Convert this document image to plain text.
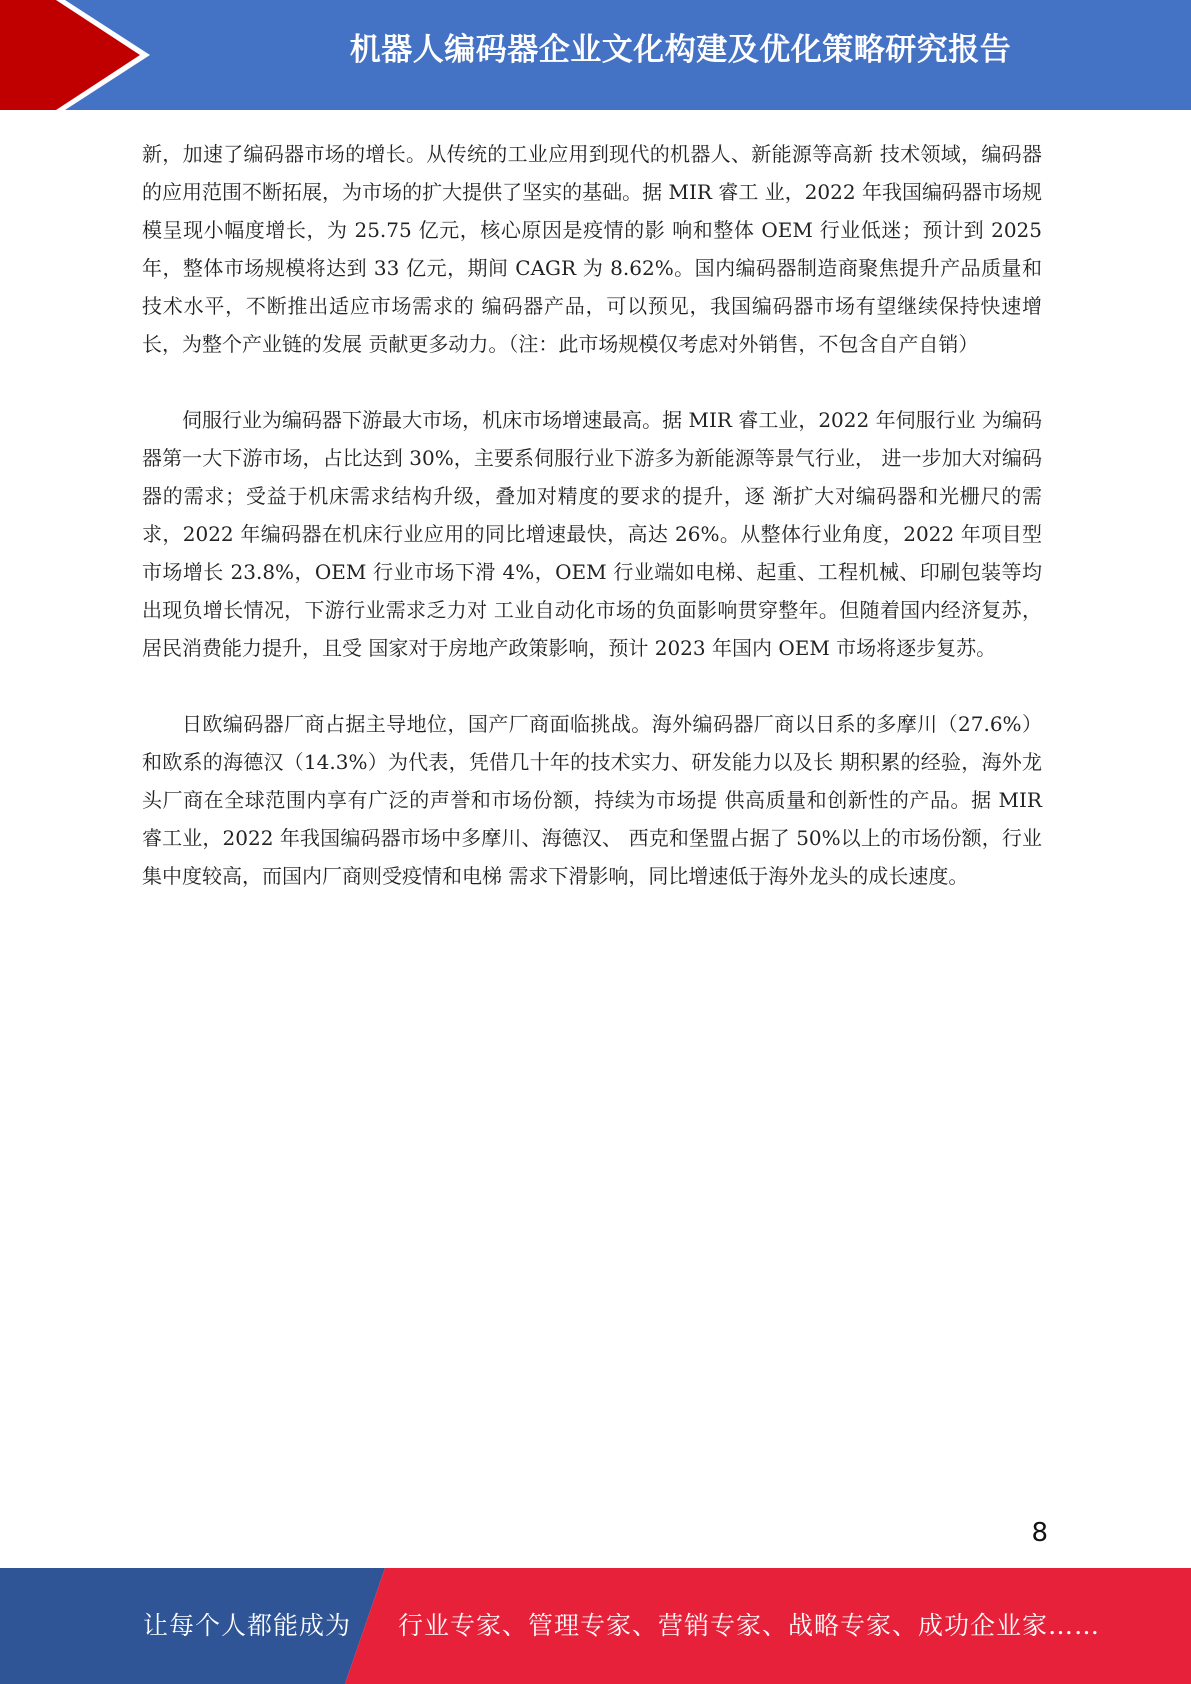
机器人编码器企业文化构建及优化策略研究报告

新，加速了编码器市场的增长。从传统的工业应用到现代的机器人、新能源等高新 技术领域，编码器的应用范围不断拓展，为市场的扩大提供了坚实的基础。据 MIR 睿工 业，2022 年我国编码器市场规模呈现小幅度增长，为 25.75 亿元，核心原因是疫情的影 响和整体 OEM 行业低迷；预计到 2025 年，整体市场规模将达到 33 亿元，期间 CAGR 为 8.62%。国内编码器制造商聚焦提升产品质量和技术水平，不断推出适应市场需求的 编码器产品，可以预见，我国编码器市场有望继续保持快速增长，为整个产业链的发展 贡献更多动力。（注：此市场规模仅考虑对外销售，不包含自产自销）

伺服行业为编码器下游最大市场，机床市场增速最高。据 MIR 睿工业，2022 年伺服行业 为编码器第一大下游市场，占比达到 30%，主要系伺服行业下游多为新能源等景气行业， 进一步加大对编码器的需求；受益于机床需求结构升级，叠加对精度的要求的提升，逐 渐扩大对编码器和光栅尺的需求，2022 年编码器在机床行业应用的同比增速最快，高达 26%。从整体行业角度，2022 年项目型市场增长 23.8%，OEM 行业市场下滑 4%，OEM 行业端如电梯、起重、工程机械、印刷包装等均出现负增长情况，下游行业需求乏力对 工业自动化市场的负面影响贯穿整年。但随着国内经济复苏，居民消费能力提升，且受 国家对于房地产政策影响，预计 2023 年国内 OEM 市场将逐步复苏。

日欧编码器厂商占据主导地位，国产厂商面临挑战。海外编码器厂商以日系的多摩川（27.6%）和欧系的海德汉（14.3%）为代表，凭借几十年的技术实力、研发能力以及长 期积累的经验，海外龙头厂商在全球范围内享有广泛的声誉和市场份额，持续为市场提 供高质量和创新性的产品。据 MIR 睿工业，2022 年我国编码器市场中多摩川、海德汉、 西克和堡盟占据了 50%以上的市场份额，行业集中度较高，而国内厂商则受疫情和电梯 需求下滑影响，同比增速低于海外龙头的成长速度。

8
让每个人都能成为 行业专家、管理专家、营销专家、战略专家、成功企业家……
